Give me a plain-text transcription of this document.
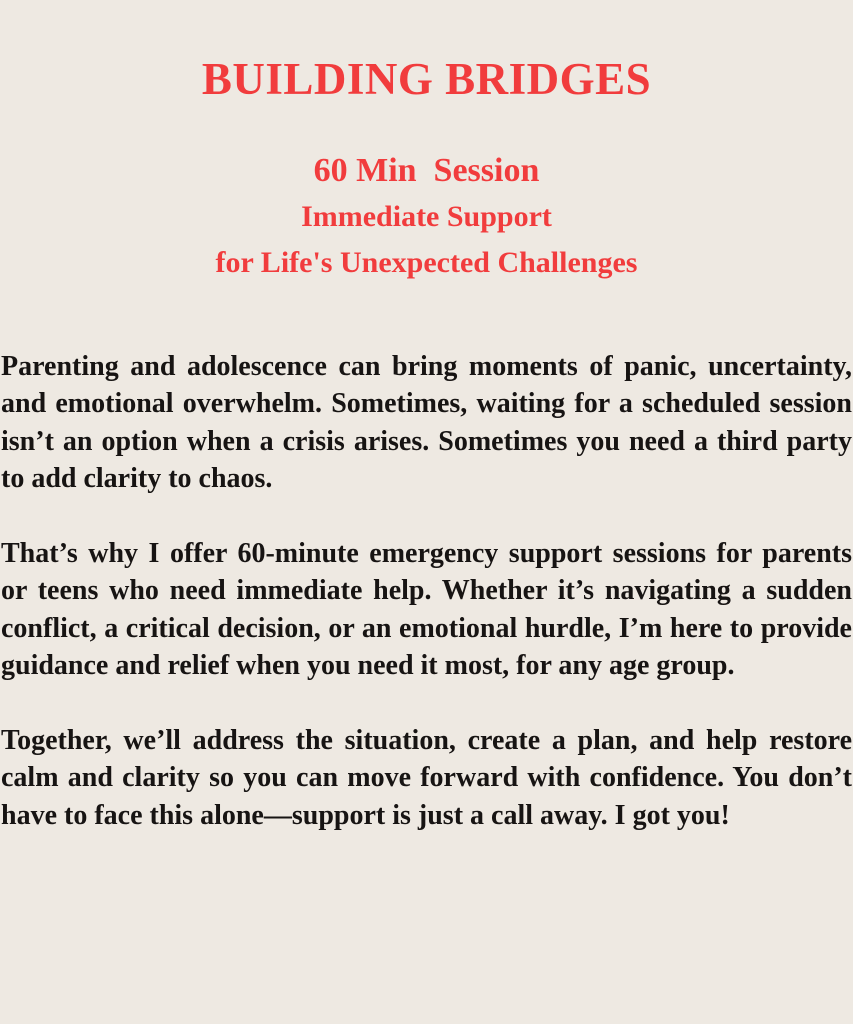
BUILDING BRIDGES
60 Min  Session
Immediate Support
for Life's Unexpected Challenges

Parenting and adolescence can bring moments of panic, uncertainty, and emotional overwhelm. Sometimes, waiting for a scheduled session isn’t an option when a crisis arises. Sometimes you need a third party to add clarity to chaos.

That’s why I offer 60-minute emergency support sessions for parents or teens who need immediate help. Whether it’s navigating a sudden conflict, a critical decision, or an emotional hurdle, I’m here to provide guidance and relief when you need it most, for any age group.

Together, we’ll address the situation, create a plan, and help restore calm and clarity so you can move forward with confidence. You don’t have to face this alone—support is just a call away. I got you!
